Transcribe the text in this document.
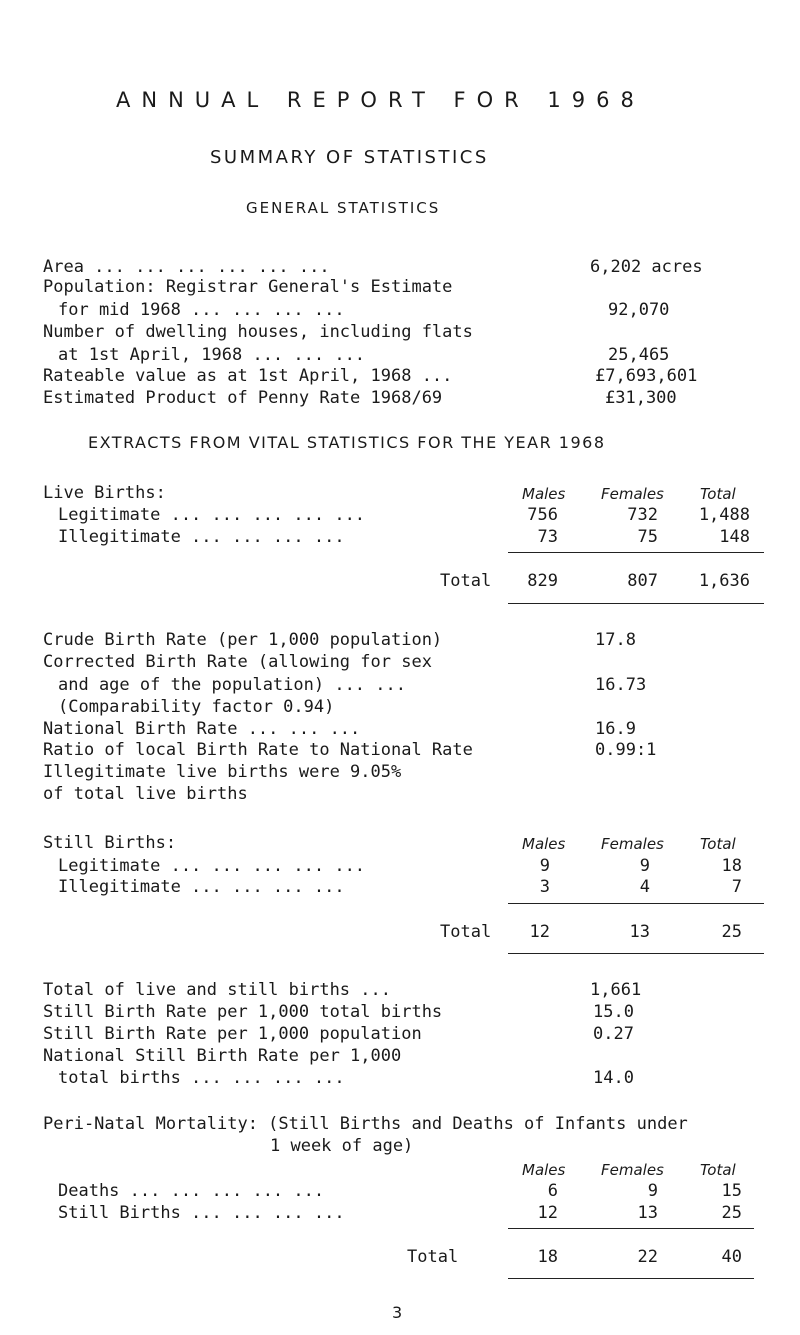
ANNUAL REPORT FOR 1968
SUMMARY OF STATISTICS
GENERAL STATISTICS
Area ... ... ... ... ... ...	6,202 acres
Population: Registrar General's Estimate
for mid 1968 ... ... ... ...	92,070
Number of dwelling houses, including flats
at 1st April, 1968 ... ... ...	25,465
Rateable value as at 1st April, 1968 ...	£7,693,601
Estimated Product of Penny Rate 1968/69	£31,300
EXTRACTS FROM VITAL STATISTICS FOR THE YEAR 1968
Live Births:	Males Females Total
Legitimate ... ... ... ... ...	756	732	1,488
Illegitimate ... ... ... ...	73	75	148
Total	829	807	1,636
Crude Birth Rate (per 1,000 population)	17.8
Corrected Birth Rate (allowing for sex
and age of the population) ... ...	16.73
(Comparability factor 0.94)
National Birth Rate ... ... ...	16.9
Ratio of local Birth Rate to National Rate	0.99:1
Illegitimate live births were 9.05%
of total live births
Still Births:	Males Females Total
Legitimate ... ... ... ... ...	9	9	18
Illegitimate ... ... ... ...	3	4	7
Total	12	13	25
Total of live and still births ...	1,661
Still Birth Rate per 1,000 total births	15.0
Still Birth Rate per 1,000 population	0.27
National Still Birth Rate per 1,000
total births ... ... ... ...	14.0
Peri-Natal Mortality: (Still Births and Deaths of Infants under
1 week of age)
Males Females Total
Deaths ... ... ... ... ...	6	9	15
Still Births ... ... ... ...	12	13	25
Total	18	22	40
3
